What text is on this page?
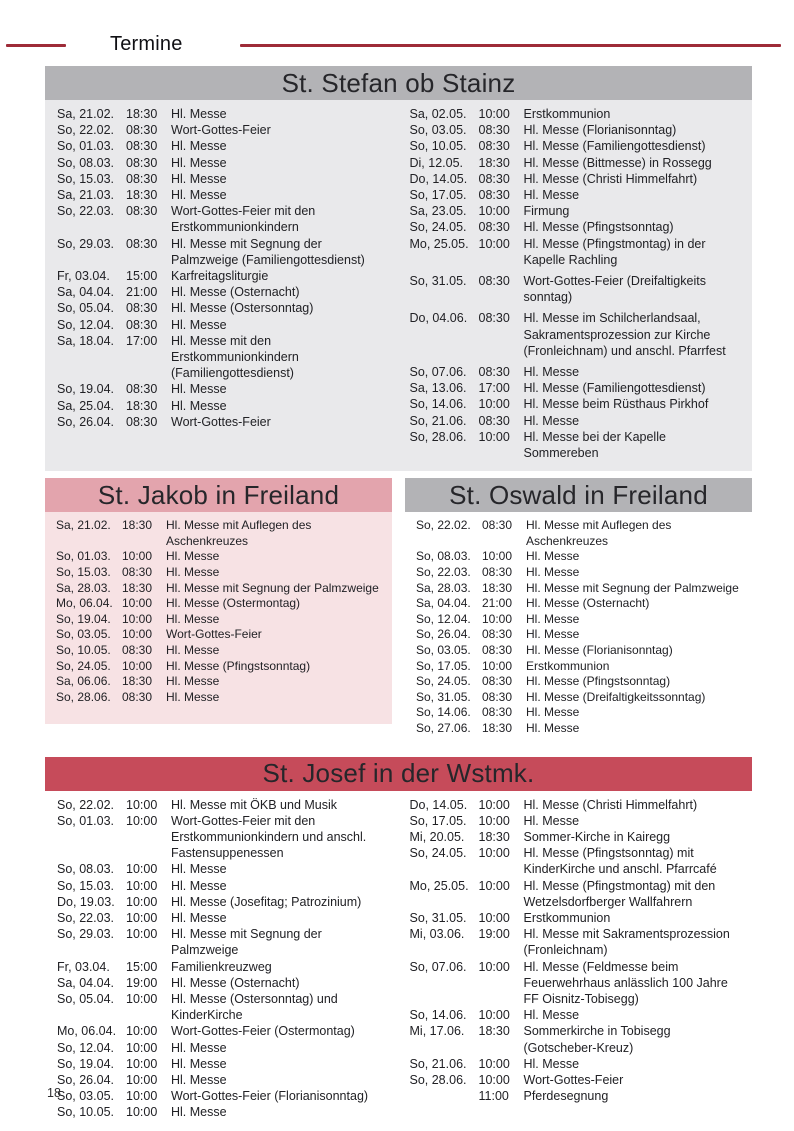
Termine
St. Stefan ob Stainz
Sa, 21.02. 18:30	Hl. Messe
So, 22.02. 08:30	Wort-Gottes-Feier
So, 01.03. 08:30	Hl. Messe
So, 08.03. 08:30	Hl. Messe
So, 15.03. 08:30	Hl. Messe
Sa, 21.03. 18:30	Hl. Messe
So, 22.03. 08:30	Wort-Gottes-Feier mit den Erstkommunionkindern
So, 29.03. 08:30	Hl. Messe mit Segnung der Palmzweige (Familiengottesdienst)
Fr, 03.04.	15:00	Karfreitagsliturgie
Sa, 04.04. 21:00	Hl. Messe (Osternacht)
So, 05.04. 08:30	Hl. Messe (Ostersonntag)
So, 12.04. 08:30	Hl. Messe
Sa, 18.04. 17:00	Hl. Messe mit den Erstkommunionkindern (Familiengottesdienst)
So, 19.04. 08:30	Hl. Messe
Sa, 25.04. 18:30	Hl. Messe
So, 26.04. 08:30	Wort-Gottes-Feier
Sa, 02.05. 10:00	Erstkommunion
So, 03.05. 08:30	Hl. Messe (Florianisonntag)
So, 10.05. 08:30	Hl. Messe (Familiengottesdienst)
Di, 12.05.	18:30	Hl. Messe (Bittmesse) in Rossegg
Do, 14.05. 08:30	Hl. Messe (Christi Himmelfahrt)
So, 17.05. 08:30	Hl. Messe
Sa, 23.05. 10:00	Firmung
So, 24.05. 08:30	Hl. Messe (Pfingstsonntag)
Mo, 25.05. 10:00	Hl. Messe (Pfingstmontag) in der Kapelle Rachling
So, 31.05. 08:30	Wort-Gottes-Feier (Dreifaltigkeits sonntag)
Do, 04.06. 08:30	Hl. Messe im Schilcherlandsaal, Sakramentsprozession zur Kirche (Fronleichnam) und anschl. Pfarrfest
So, 07.06. 08:30	Hl. Messe
Sa, 13.06. 17:00	Hl. Messe (Familiengottesdienst)
So, 14.06. 10:00	Hl. Messe beim Rüsthaus Pirkhof
So, 21.06. 08:30	Hl. Messe
So, 28.06. 10:00	Hl. Messe bei der Kapelle Sommereben
St. Jakob in Freiland
Sa, 21.02. 18:30	Hl. Messe mit Auflegen des Aschenkreuzes
So, 01.03. 10:00	Hl. Messe
So, 15.03. 08:30	Hl. Messe
Sa, 28.03. 18:30	Hl. Messe mit Segnung der Palmzweige
Mo, 06.04. 10:00	Hl. Messe (Ostermontag)
So, 19.04. 10:00	Hl. Messe
So, 03.05. 10:00	Wort-Gottes-Feier
So, 10.05. 08:30	Hl. Messe
So, 24.05. 10:00	Hl. Messe (Pfingstsonntag)
Sa, 06.06. 18:30	Hl. Messe
So, 28.06. 08:30	Hl. Messe
St. Oswald in Freiland
So, 22.02. 08:30	Hl. Messe mit Auflegen des Aschenkreuzes
So, 08.03. 10:00	Hl. Messe
So, 22.03. 08:30	Hl. Messe
Sa, 28.03. 18:30	Hl. Messe mit Segnung der Palmzweige
Sa, 04.04. 21:00	Hl. Messe (Osternacht)
So, 12.04. 10:00	Hl. Messe
So, 26.04. 08:30	Hl. Messe
So, 03.05. 08:30	Hl. Messe (Florianisonntag)
So, 17.05. 10:00	Erstkommunion
So, 24.05. 08:30	Hl. Messe (Pfingstsonntag)
So, 31.05. 08:30	Hl. Messe (Dreifaltigkeitssonntag)
So, 14.06. 08:30	Hl. Messe
So, 27.06. 18:30	Hl. Messe
St. Josef in der Wstmk.
So, 22.02. 10:00	Hl. Messe mit ÖKB und Musik
So, 01.03. 10:00	Wort-Gottes-Feier mit den Erstkommunionkindern und anschl. Fastensuppenessen
So, 08.03. 10:00	Hl. Messe
So, 15.03. 10:00	Hl. Messe
Do, 19.03. 10:00	Hl. Messe (Josefitag; Patrozinium)
So, 22.03. 10:00	Hl. Messe
So, 29.03. 10:00	Hl. Messe mit Segnung der Palmzweige
Fr, 03.04.	15:00	Familienkreuzweg
Sa, 04.04. 19:00	Hl. Messe (Osternacht)
So, 05.04. 10:00	Hl. Messe (Ostersonntag) und KinderKirche
Mo, 06.04. 10:00	Wort-Gottes-Feier (Ostermontag)
So, 12.04. 10:00	Hl. Messe
So, 19.04. 10:00	Hl. Messe
So, 26.04. 10:00	Hl. Messe
So, 03.05. 10:00	Wort-Gottes-Feier (Florianisonntag)
So, 10.05. 10:00	Hl. Messe
Do, 14.05. 10:00	Hl. Messe (Christi Himmelfahrt)
So, 17.05. 10:00	Hl. Messe
Mi, 20.05.	18:30	Sommer-Kirche in Kairegg
So, 24.05. 10:00	Hl. Messe (Pfingstsonntag) mit KinderKirche und anschl. Pfarrcafé
Mo, 25.05. 10:00	Hl. Messe (Pfingstmontag) mit den Wetzelsdorfberger Wallfahrern
So, 31.05. 10:00	Erstkommunion
Mi, 03.06.	19:00	Hl. Messe mit Sakramentsprozession (Fronleichnam)
So, 07.06. 10:00	Hl. Messe (Feldmesse beim Feuerwehrhaus anlässlich 100 Jahre FF Oisnitz-Tobisegg)
So, 14.06. 10:00	Hl. Messe
Mi, 17.06.	18:30	Sommerkirche in Tobisegg (Gotscheber-Kreuz)
So, 21.06. 10:00	Hl. Messe
So, 28.06. 10:00	Wort-Gottes-Feier
11:00	Pferdesegnung
18
